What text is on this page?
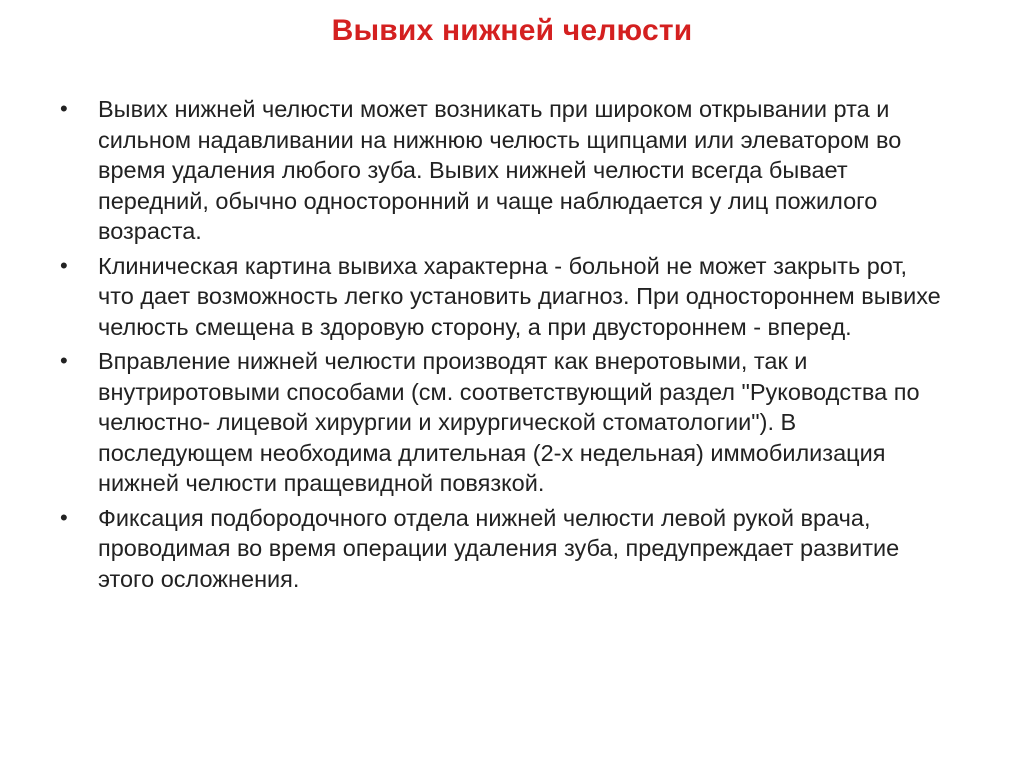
Вывих нижней челюсти
•	Вывих нижней челюсти может возникать при широком открывании рта и сильном надавливании на нижнюю челюсть щипцами или элеватором во время удаления любого зуба. Вывих нижней челюсти всегда бывает передний, обычно односторонний и чаще наблюдается у лиц пожилого возраста.
•	Клиническая картина вывиха характерна - больной не может закрыть рот, что дает возможность легко установить диагноз. При одностороннем вывихе челюсть смещена в здоровую сторону, а при двустороннем - вперед.
•	Вправление нижней челюсти производят как внеротовыми, так и внутриротовыми способами (см. соответствующий раздел "Руководства по челюстно- лицевой хирургии и хирургической стоматологии"). В последующем необходима длительная (2-х недельная) иммобилизация нижней челюсти пращевидной повязкой.
•	Фиксация подбородочного отдела нижней челюсти левой рукой врача, проводимая во время операции удаления зуба, предупреждает развитие этого осложнения.
